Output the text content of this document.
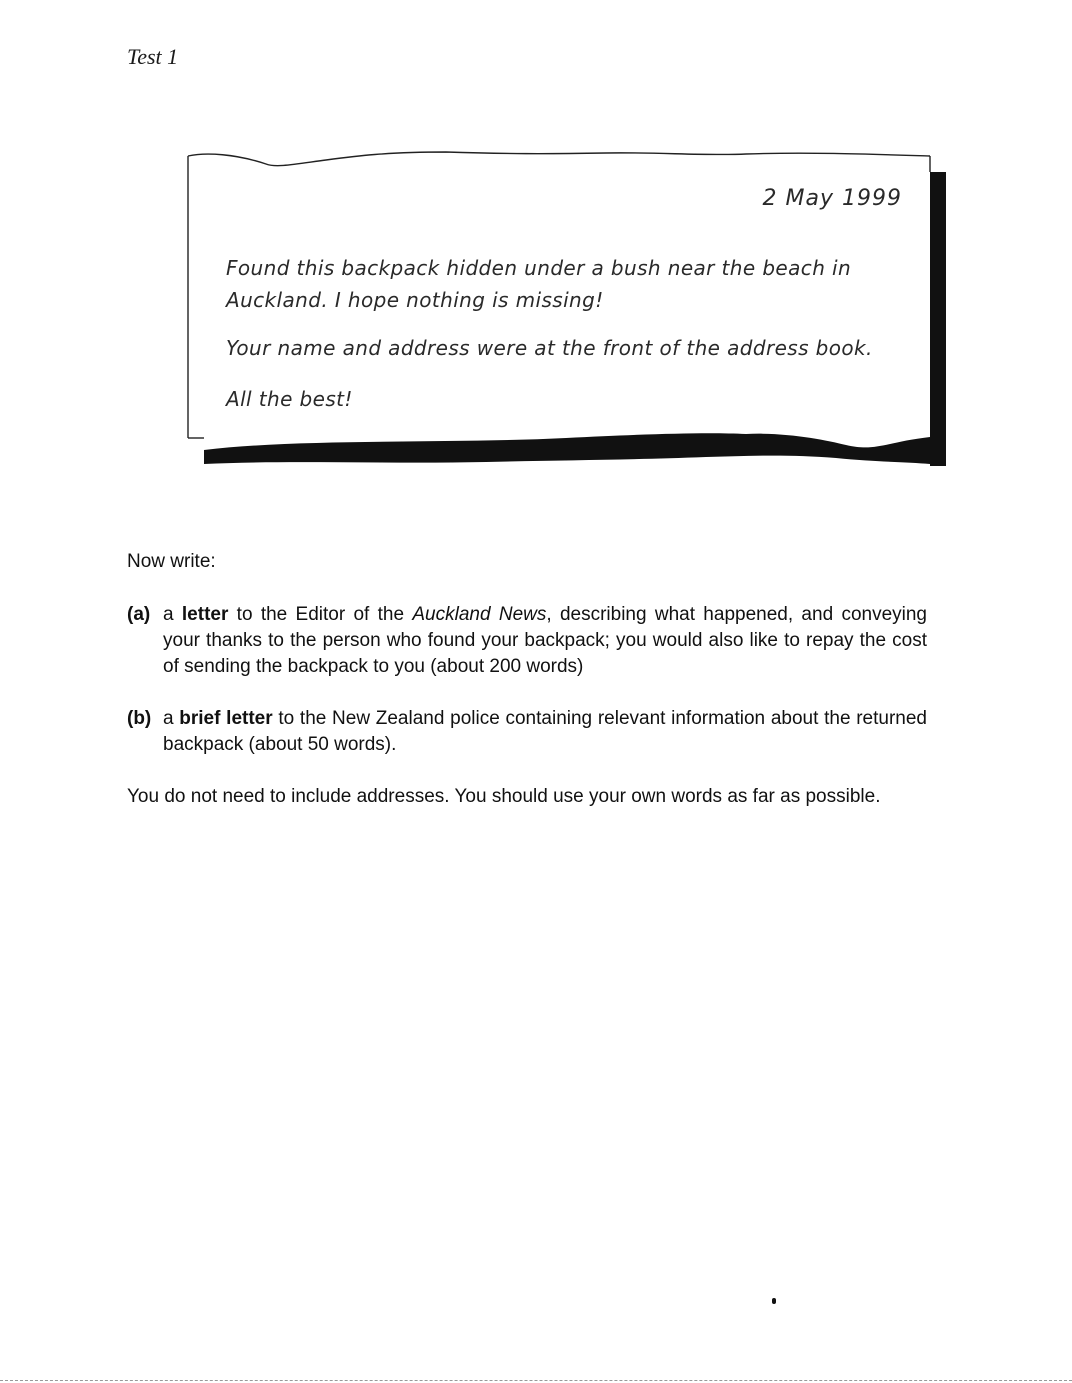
Test 1
2 May 1999
Found this backpack hidden under a bush near the beach in
Auckland. I hope nothing is missing!
Your name and address were at the front of the address book.
All the best!
Now write:
(a) a letter to the Editor of the Auckland News, describing what happened, and conveying your thanks to the person who found your backpack; you would also like to repay the cost of sending the backpack to you (about 200 words)
(b) a brief letter to the New Zealand police containing relevant information about the returned backpack (about 50 words).
You do not need to include addresses. You should use your own words as far as possible.
